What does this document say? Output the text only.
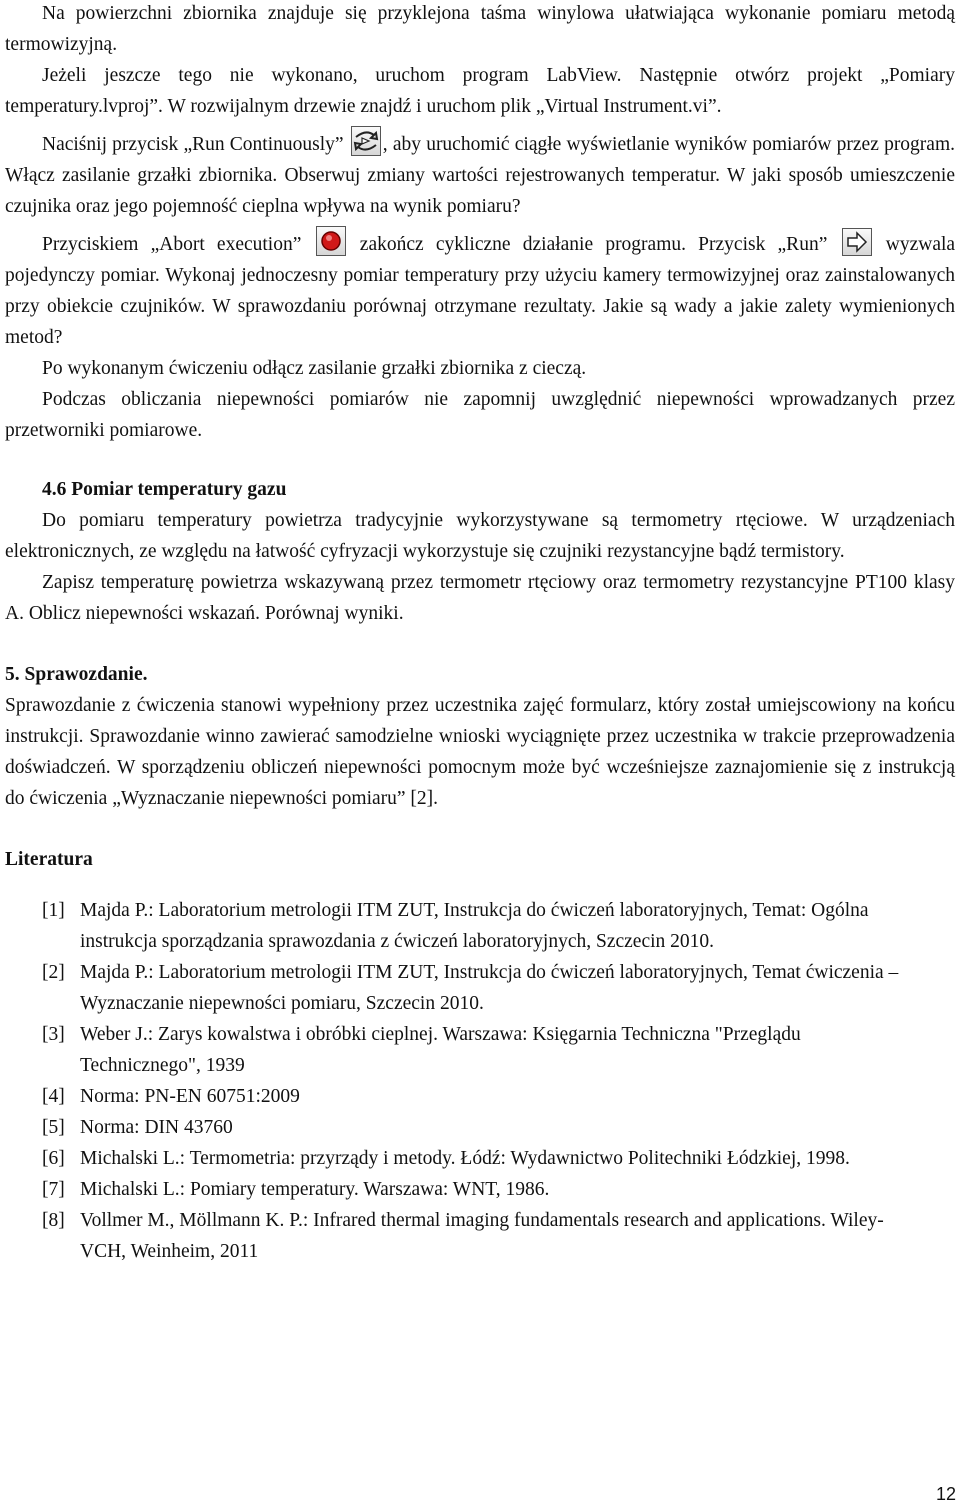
Na powierzchni zbiornika znajduje się przyklejona taśma winylowa ułatwiająca wykonanie pomiaru metodą termowizyjną.

Jeżeli jeszcze tego nie wykonano, uruchom program LabView. Następnie otwórz projekt „Pomiary temperatury.lvproj”. W rozwijalnym drzewie znajdź i uruchom plik „Virtual Instrument.vi”.

Naciśnij przycisk „Run Continuously” , aby uruchomić ciągłe wyświetlanie wyników pomiarów przez program. Włącz zasilanie grzałki zbiornika. Obserwuj zmiany wartości rejestrowanych temperatur. W jaki sposób umieszczenie czujnika oraz jego pojemność cieplna wpływa na wynik pomiaru?

Przyciskiem „Abort execution”	zakończ cykliczne działanie programu. Przycisk „Run”	wyzwala pojedynczy pomiar. Wykonaj jednoczesny pomiar temperatury przy użyciu kamery termowizyjnej oraz zainstalowanych przy obiekcie czujników. W sprawozdaniu porównaj otrzymane rezultaty. Jakie są wady a jakie zalety wymienionych metod?

Po wykonanym ćwiczeniu odłącz zasilanie grzałki zbiornika z cieczą.

Podczas obliczania niepewności pomiarów nie zapomnij uwzględnić niepewności wprowadzanych przez przetworniki pomiarowe.

4.6 Pomiar temperatury gazu

Do pomiaru temperatury powietrza tradycyjnie wykorzystywane są termometry rtęciowe. W urządzeniach elektronicznych, ze względu na łatwość cyfryzacji wykorzystuje się czujniki rezystancyjne bądź termistory.

Zapisz temperaturę powietrza wskazywaną przez termometr rtęciowy oraz termometry rezystancyjne PT100 klasy A. Oblicz niepewności wskazań. Porównaj wyniki.

5. Sprawozdanie.

Sprawozdanie z ćwiczenia stanowi wypełniony przez uczestnika zajęć formularz, który został umiejscowiony na końcu instrukcji. Sprawozdanie winno zawierać samodzielne wnioski wyciągnięte przez uczestnika w trakcie przeprowadzenia doświadczeń. W sporządzeniu obliczeń niepewności pomocnym może być wcześniejsze zaznajomienie się z instrukcją do ćwiczenia „Wyznaczanie niepewności pomiaru” [2].

Literatura

[1] Majda P.: Laboratorium metrologii ITM ZUT, Instrukcja do ćwiczeń laboratoryjnych, Temat: Ogólna instrukcja sporządzania sprawozdania z ćwiczeń laboratoryjnych, Szczecin 2010.
[2] Majda P.: Laboratorium metrologii ITM ZUT, Instrukcja do ćwiczeń laboratoryjnych, Temat ćwiczenia – Wyznaczanie niepewności pomiaru, Szczecin 2010.
[3] Weber J.: Zarys kowalstwa i obróbki cieplnej. Warszawa: Księgarnia Techniczna "Przeglądu Technicznego", 1939
[4] Norma: PN-EN 60751:2009
[5] Norma: DIN 43760
[6] Michalski L.: Termometria: przyrządy i metody. Łódź: Wydawnictwo Politechniki Łódzkiej, 1998.
[7] Michalski L.: Pomiary temperatury. Warszawa: WNT, 1986.
[8] Vollmer M., Möllmann K. P.: Infrared thermal imaging fundamentals research and applications. Wiley-VCH, Weinheim, 2011
12
